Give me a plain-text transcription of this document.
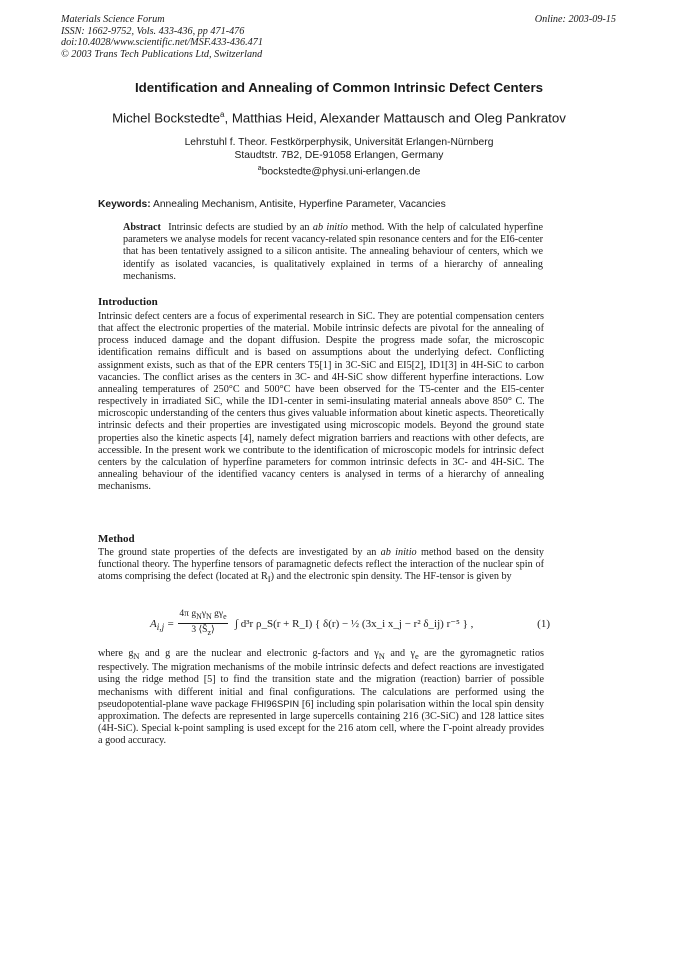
Materials Science Forum
ISSN: 1662-9752, Vols. 433-436, pp 471-476
doi:10.4028/www.scientific.net/MSF.433-436.471
© 2003 Trans Tech Publications Ltd, Switzerland
Online: 2003-09-15
Identification and Annealing of Common Intrinsic Defect Centers
Michel Bockstedte$^a$, Matthias Heid, Alexander Mattausch and Oleg Pankratov
Lehrstuhl f. Theor. Festkörperphysik, Universität Erlangen-Nürnberg
Staudtstr. 7B2, DE-91058 Erlangen, Germany
$^a$bockstedte@physi.uni-erlangen.de
Keywords: Annealing Mechanism, Antisite, Hyperfine Parameter, Vacancies
Abstract Intrinsic defects are studied by an ab initio method. With the help of calculated hyperfine parameters we analyse models for recent vacancy-related spin resonance centers and for the EI6-center that has been tentatively assigned to a silicon antisite. The annealing behaviour of centers, which we identify as isolated vacancies, is qualitatively explained in terms of a hierarchy of annealing mechanisms.
Introduction
Intrinsic defect centers are a focus of experimental research in SiC. They are potential compensation centers that affect the electronic properties of the material. Mobile intrinsic defects are pivotal for the annealing of process induced damage and the dopant diffusion. Despite the progress made sofar, the microscopic identification remains difficult and is based on assumptions about the underlying defect. Conflicting assignment exists, such as that of the EPR centers T5[1] in 3C-SiC and EI5[2], ID1[3] in 4H-SiC to carbon vacancies. The conflict arises as the centers in 3C- and 4H-SiC show different hyperfine interactions. Low annealing temperatures of 250°C and 500°C have been observed for the T5-center and the EI5-center respectively in irradiated SiC, while the ID1-center in semi-insulating material anneals above 850° C. The microscopic understanding of the centers thus gives valuable information about kinetic aspects. Theoretically intrinsic defects and their properties are investigated using microscopic models. Beyond the ground state properties also the kinetic aspects [4], namely defect migration barriers and reactions with other defects, are accessible. In the present work we contribute to the identification of microscopic models for intrinsic defect centers by the calculation of hyperfine parameters for common intrinsic defects in 3C- and 4H-SiC. The annealing behaviour of the identified vacancy centers is analysed in terms of a hierarchy of annealing mechanisms.
Method
The ground state properties of the defects are investigated by an ab initio method based on the density functional theory. The hyperfine tensors of paramagnetic defects reflect the interaction of the nuclear spin of atoms comprising the defect (located at $R_I$) and the electronic spin density. The HF-tensor is given by
$A_{i,j}$ =
4π $g_N\gamma_N$ $g\gamma_e$
3 $⟨Ŝ_z⟩$	∫ d³r ρ_S(r + R_I) { δ(r) − ½ (3x_i x_j − r² δ_ij) r⁻⁵ } ,	(1)
where $g_N$ and g are the nuclear and electronic g-factors and $\gamma_N$ and $\gamma_e$ are the gyromagnetic ratios respectively. The migration mechanisms of the mobile intrinsic defects and defect reactions are investigated using the ridge method [5] to find the transition state and the migration (reaction) barrier of possible mechanisms with different initial and final configurations. The calculations are performed using the pseudopotential-plane wave package FHI96SPIN [6] including spin polarisation within the local spin density approximation. The defects are represented in large supercells containing 216 (3C-SiC) and 128 lattice sites (4H-SiC). Special k-point sampling is used except for the 216 atom cell, where the Γ-point already provides a good accuracy.
